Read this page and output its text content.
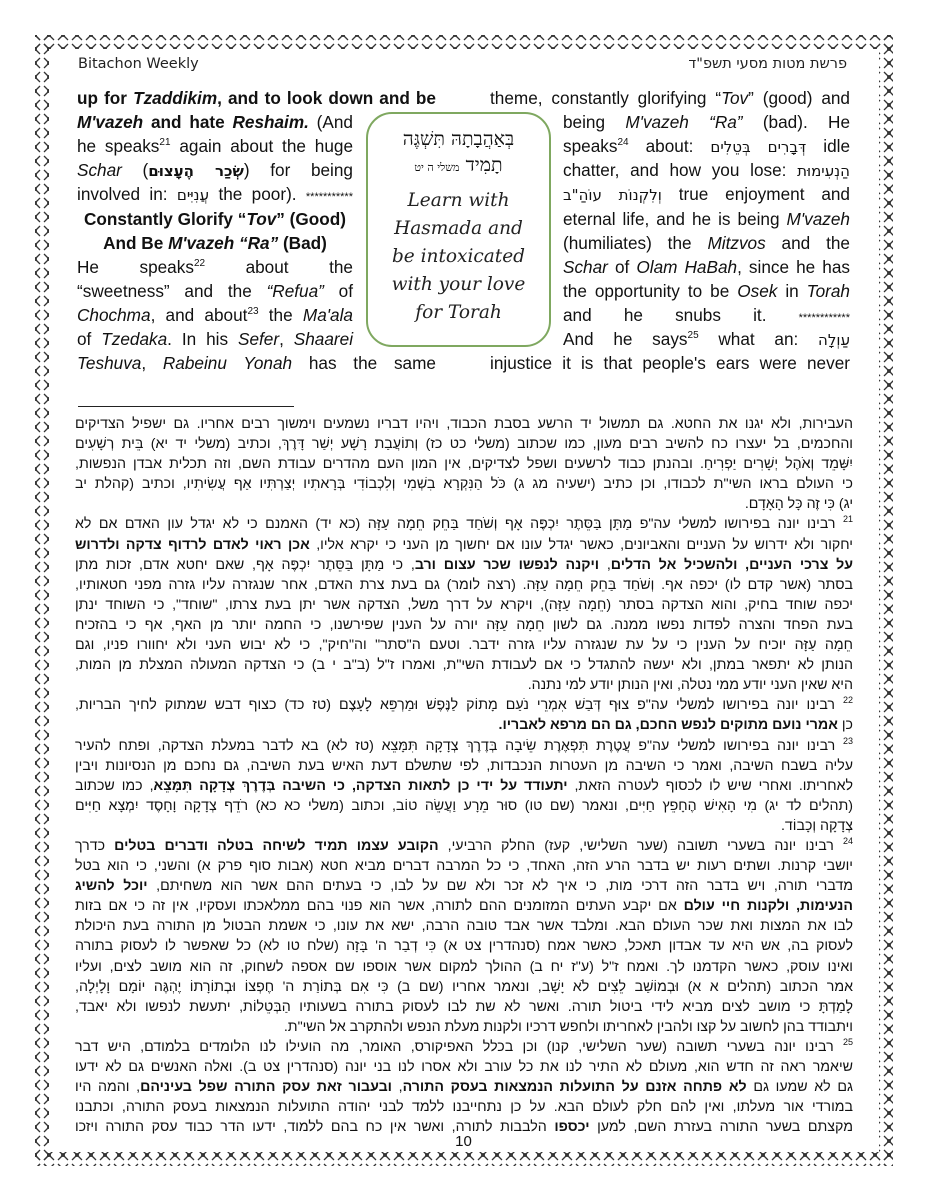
Bitachon Weekly	פרשת מטות מסעי תשפ"ד
up for Tzaddikim, and to look down and be
M'vazeh and hate Reshaim. (And
he speaks$^{21}$ again about the huge
Schar (שְׂכַר הֶעָצוּם) for being
involved in: עֲנִיִּים the poor). ***********
Constantly Glorify “Tov” (Good)
And Be M'vazeh “Ra” (Bad)
He speaks$^{22}$ about the
“sweetness” and the “Refua” of
Chochma, and about$^{23}$ the Ma'ala
of Tzedaka. In his Sefer, Shaarei
Teshuva, Rabeinu Yonah has the same
theme, constantly glorifying “Tov” (good) and
being M'vazeh “Ra” (bad). He
speaks$^{24}$ about: דְּבָרִים בְּטֵלִים idle
chatter, and how you lose: הַנְעִימוּת
וְלִקְנוֹת עוֹהַ"ב true enjoyment and
eternal life, and he is being M'vazeh
(humiliates) the Mitzvos and the
Schar of Olam HaBah, since he has
the opportunity to be Osek in Torah
and he snubs it. ************
And he says$^{25}$ what an: עַוְלָה
injustice it is that people's ears were never
בְּאַהֲבָתָהּ תִּשְׁגֶּה
תָמִיד משלי ה יט
Learn with
Hasmada and
be intoxicated
with your love
for Torah
העבירות, ולא יגנו את החטא. גם תמשול יד הרשע בסבת הכבוד, ויהיו דבריו נשמעים וימשוך רבים אחריו. גם ישפיל הצדיקים
והחכמים, בל יעצרו כח להשיב רבים מעון, כמו שכתוב (משלי כט כז) וְתוֹעֲבַת רָשָׁע יְשַׁר דָּרֶךְ, וכתיב (משלי יד יא) בֵּית רְשָׁעִים
יִשָּׁמֵד וְאֹהֶל יְשָׁרִים יַפְרִיחַ. ובהנתן כבוד לרשעים ושפל לצדיקים, אין המון העם מהדרים עבודת השם, וזה תכלית אבדן הנפשות,
כי העולם בראו השי"ת לכבודו, וכן כתיב (ישעיה מג ג) כֹּל הַנִּקְרָא בִשְׁמִי וְלִכְבוֹדִי בְּרָאתִיו יְצַרְתִּיו אַף עֲשִׂיתִיו, וכתיב (קהלת יב
יג) כִּי זֶה כָּל הָאָדָם.
$^{21}$ רבינו יונה בפירושו למשלי עה"פ מַתָּן בַּסֵּתֶר יִכְפֶּה אָף וְשֹׁחַד בַּחֵק חֵמָה עַזָּה (כא יד) האמנם כי לא יגדל עון האדם אם לא
יחקור ולא ידרוש על העניים והאביונים, כאשר יגדל עונו אם יחשוך מן העני כי יקרא אליו, אכן ראוי לאדם לרדוף צדקה ולדרוש
על צרכי העניים, ולהשכיל אל הדלים, ויקנה לנפשו שכר עצום ורב, כי מַתָּן בַּסֵּתֶר יִכְפֶּה אָף, שאם יחטא אדם, זכות מתן
בסתר (אשר קדם לו) יכפה אף. וְשֹׁחַד בַּחֵק חֵמָה עַזָּה. (רצה לומר) גם בעת צרת האדם, אחר שנגזרה עליו גזרה מפני חטאותיו,
יכפה שוחד בחיק, והוא הצדקה בסתר (חֵמָה עַזָּה), ויקרא על דרך משל, הצדקה אשר יתן בעת צרתו, "שוחד", כי השוחד ינתן
בעת הפחד והצרה לפדות נפשו ממנה. גם לשון חֵמָה עַזָּה יורה על הענין שפירשנו, כי החמה יותר מן האף, אף כי בהזכיח
חֵמָה עַזָּה יוכיח על הענין כי על עת שנגזרה עליו גזרה ידבר. וטעם ה"סתר" וה"חיק", כי לא יבוש העני ולא יחוורו פניו, וגם
הנותן לא יתפאר במתן, ולא יעשה להתגדל כי אם לעבודת השי"ת, ואמרו ז"ל (ב"ב י ב) כי הצדקה המעולה המצלת מן המות,
היא שאין העני יודע ממי נטלה, ואין הנותן יודע למי נתנה.
$^{22}$ רבינו יונה בפירושו למשלי עה"פ צוּף דְּבַשׁ אִמְרֵי נֹעַם מָתוֹק לַנֶּפֶשׁ וּמַרְפֵּא לָעָצֶם (טז כד) כצוף דבש שמתוק לחיך הבריות,
כן אמרי נועם מתוקים לנפש החכם, גם הם מרפא לאבריו.
$^{23}$ רבינו יונה בפירושו למשלי עה"פ עֲטֶרֶת תִּפְאֶרֶת שֵׂיבָה בְּדֶרֶךְ צְדָקָה תִּמָּצֵא (טז לא) בא לדבר במעלת הצדקה, ופתח להעיר
עליה בשבח השיבה, ואמר כי השיבה מן העטרות הנכבדות, לפי שתשלם דעת האיש בעת השיבה, גם נחכם מן הנסיונות ויבין
לאחריתו. ואחרי שיש לו לכסוף לעטרה הזאת, יתעודד על ידי כן לתאות הצדקה, כי השיבה בְּדֶרֶךְ צְדָקָה תִּמָּצֵא, כמו שכתוב
(תהלים לד יג) מִי הָאִישׁ הֶחָפֵץ חַיִּים, ונאמר (שם טו) סוּר מֵרָע וַעֲשֵׂה טוֹב, וכתוב (משלי כא כא) רֹדֵף צְדָקָה וָחָסֶד יִמְצָא חַיִּים
צְדָקָה וְכָבוֹד.
$^{24}$ רבינו יונה בשערי תשובה (שער השלישי, קעז) החלק הרביעי, הקובע עצמו תמיד לשיחה בטלה ודברים בטלים כדרך
יושבי קרנות. ושתים רעות יש בדבר הרע הזה, האחד, כי כל המרבה דברים מביא חטא (אבות סוף פרק א) והשני, כי הוא בטל
מדברי תורה, ויש בדבר הזה דרכי מות, כי איך לא זכר ולא שם על לבו, כי בעתים ההם אשר הוא משחיתם, יוכל להשיג
הנעימות, ולקנות חיי עולם אם יקבע העתים המזומנים ההם לתורה, אשר הוא פנוי בהם ממלאכתו ועסקיו, אין זה כי אם בזות
לבו את המצות ואת שכר העולם הבא. ומלבד אשר אבד טובה הרבה, ישא את עונו, כי אשמת הבטול מן התורה בעת היכולת
לעסוק בה, אש היא עד אבדון תאכל, כאשר אמח (סנהדרין צט א) כִּי דְבַר ה' בָּזָה (שלח טו לא) כל שאפשר לו לעסוק בתורה
ואינו עוסק, כאשר הקדמנו לך. ואמח ז"ל (ע"ז יח ב) ההולך למקום אשר אוספו שם אספה לשחוק, זה הוא מושב לצים, ועליו
אמר הכתוב (תהלים א א) וּבְמוֹשַׁב לֵצִים לֹא יָשָׁב, ונאמר אחריו (שם ב) כִּי אִם בְּתוֹרַת ה' חֶפְצוֹ וּבְתוֹרָתוֹ יֶהְגֶּה יוֹמָם וָלָיְלָה,
לָמַדְתָּ כי מושב לצים מביא לידי ביטול תורה. ואשר לא שת לבו לעסוק בתורה בשעותיו הַבְּטֵלוֹת, יתעשת לנפשו ולא יאבד,
ויתבודד בהן לחשוב על קצו ולהבין לאחריתו ולחפש דרכיו ולקנות מעלת הנפש ולהתקרב אל השי"ת.
$^{25}$ רבינו יונה בשערי תשובה (שער השלישי, קנו) וכן בכלל האפיקורס, האומר, מה הועילו לנו הלומדים בלמודם, היש דבר
שיאמר ראה זה חדש הוא, מעולם לא התיר לנו את כל עורב ולא אסרו לנו בני יונה (סנהדרין צט ב). ואלה האנשים גם לא ידעו
גם לא שמעו גם לא פתחה אזנם על התועלות הנמצאות בעסק התורה, ובעבור זאת עסק התורה שפל בעיניהם, והמה היו
במורדי אור מעלתו, ואין להם חלק לעולם הבא. על כן נתחייבנו ללמד לבני יהודה התועלות הנמצאות בעסק התורה, וכתבנו
מקצתם בשער התורה בעזרת השם, למען יכספו הלבבות לתורה, ואשר אין כח בהם ללמוד, ידעו הדר כבוד עסק התורה ויזכו
10
